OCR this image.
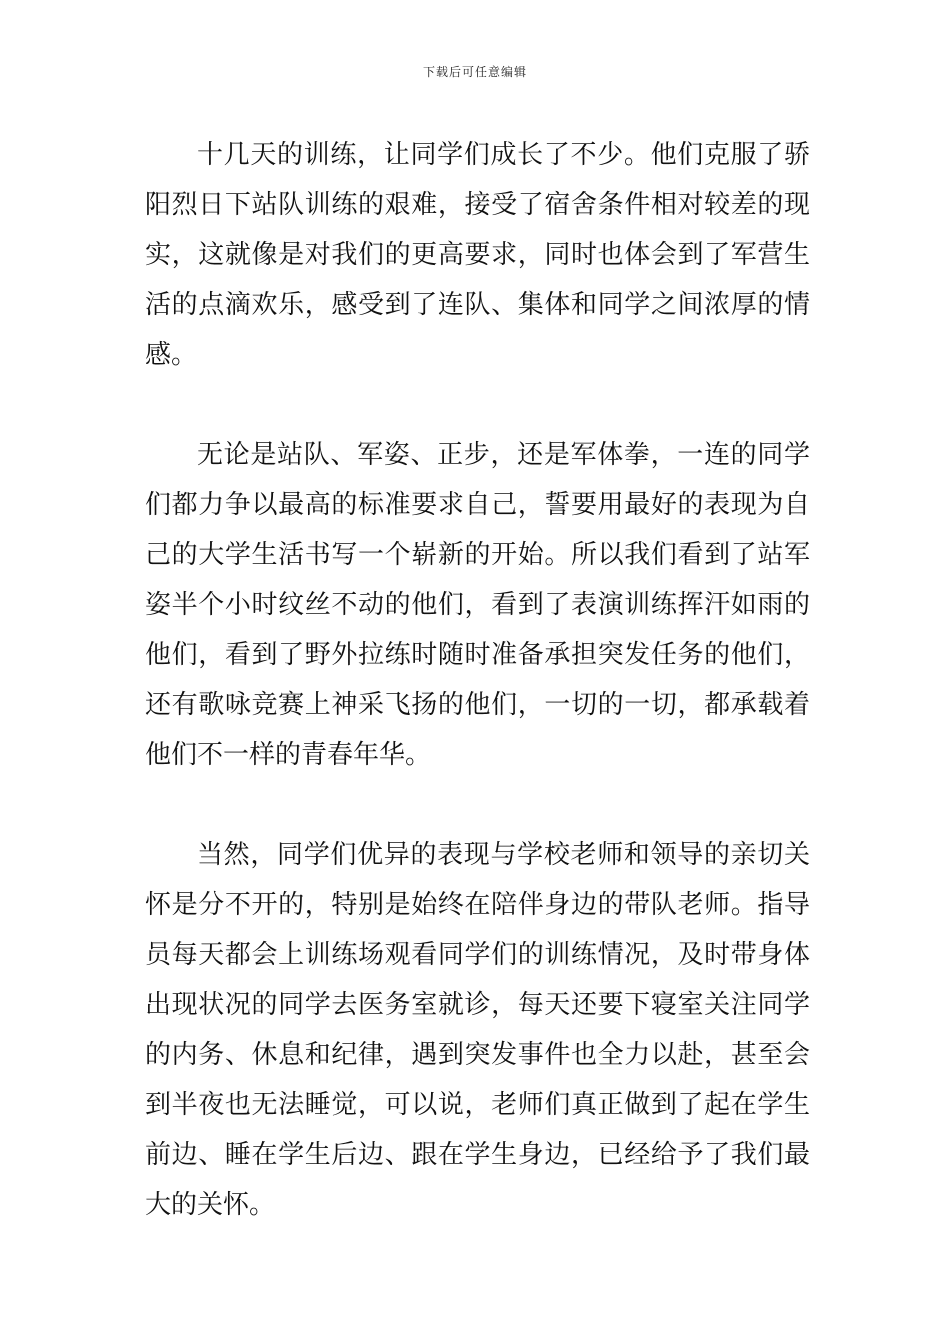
下载后可任意编辑
十几天的训练，让同学们成长了不少。他们克服了骄
阳烈日下站队训练的艰难，接受了宿舍条件相对较差的现
实，这就像是对我们的更高要求，同时也体会到了军营生
活的点滴欢乐，感受到了连队、集体和同学之间浓厚的情
感。
无论是站队、军姿、正步，还是军体拳，一连的同学
们都力争以最高的标准要求自己，誓要用最好的表现为自
己的大学生活书写一个崭新的开始。所以我们看到了站军
姿半个小时纹丝不动的他们，看到了表演训练挥汗如雨的
他们，看到了野外拉练时随时准备承担突发任务的他们，
还有歌咏竞赛上神采飞扬的他们，一切的一切，都承载着
他们不一样的青春年华。
当然，同学们优异的表现与学校老师和领导的亲切关
怀是分不开的，特别是始终在陪伴身边的带队老师。指导
员每天都会上训练场观看同学们的训练情况，及时带身体
出现状况的同学去医务室就诊，每天还要下寝室关注同学
的内务、休息和纪律，遇到突发事件也全力以赴，甚至会
到半夜也无法睡觉，可以说，老师们真正做到了起在学生
前边、睡在学生后边、跟在学生身边，已经给予了我们最
大的关怀。
